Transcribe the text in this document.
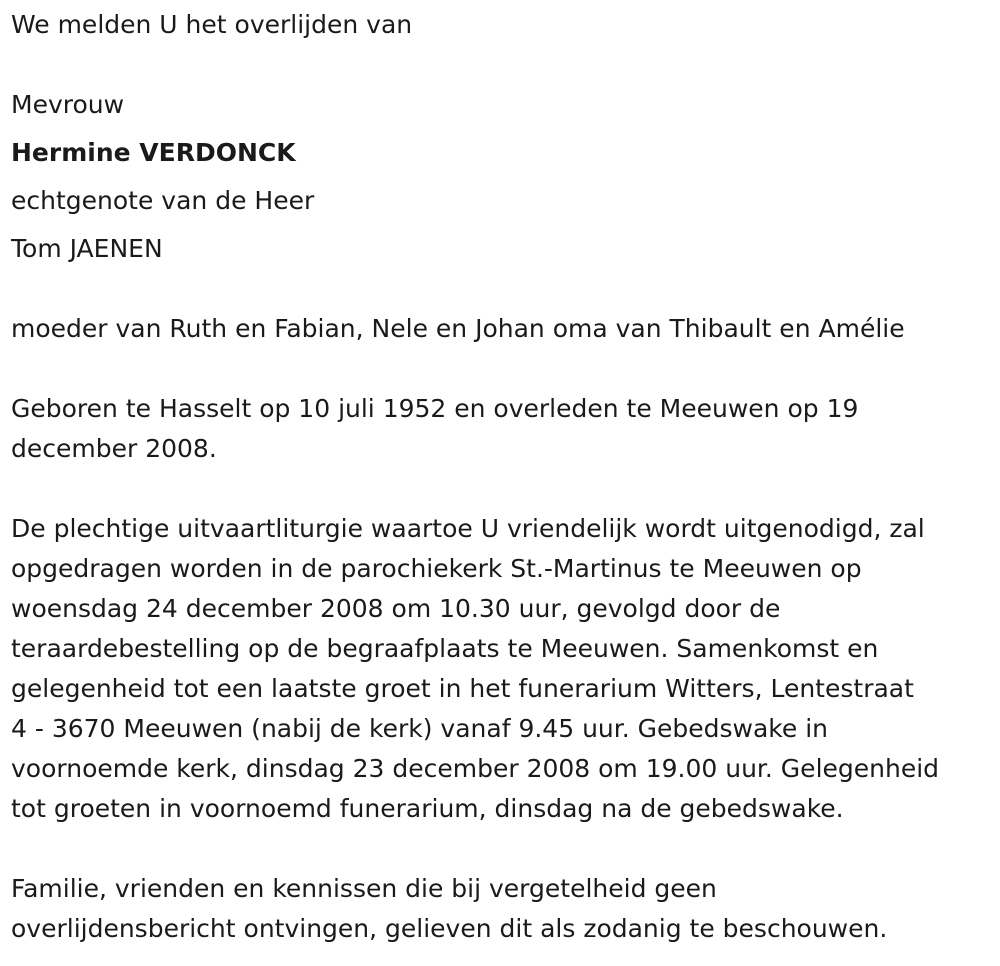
We melden U het overlijden van
Mevrouw
Hermine VERDONCK
echtgenote van de Heer
Tom JAENEN
moeder van Ruth en Fabian, Nele en Johan oma van Thibault en Amélie
Geboren te Hasselt op 10 juli 1952 en overleden te Meeuwen op 19
december 2008.
De plechtige uitvaartliturgie waartoe U vriendelijk wordt uitgenodigd, zal
opgedragen worden in de parochiekerk St.-Martinus te Meeuwen op
woensdag 24 december 2008 om 10.30 uur, gevolgd door de
teraardebestelling op de begraafplaats te Meeuwen. Samenkomst en
gelegenheid tot een laatste groet in het funerarium Witters, Lentestraat
4 - 3670 Meeuwen (nabij de kerk) vanaf 9.45 uur. Gebedswake in
voornoemde kerk, dinsdag 23 december 2008 om 19.00 uur. Gelegenheid
tot groeten in voornoemd funerarium, dinsdag na de gebedswake.
Familie, vrienden en kennissen die bij vergetelheid geen
overlijdensbericht ontvingen, gelieven dit als zodanig te beschouwen.
